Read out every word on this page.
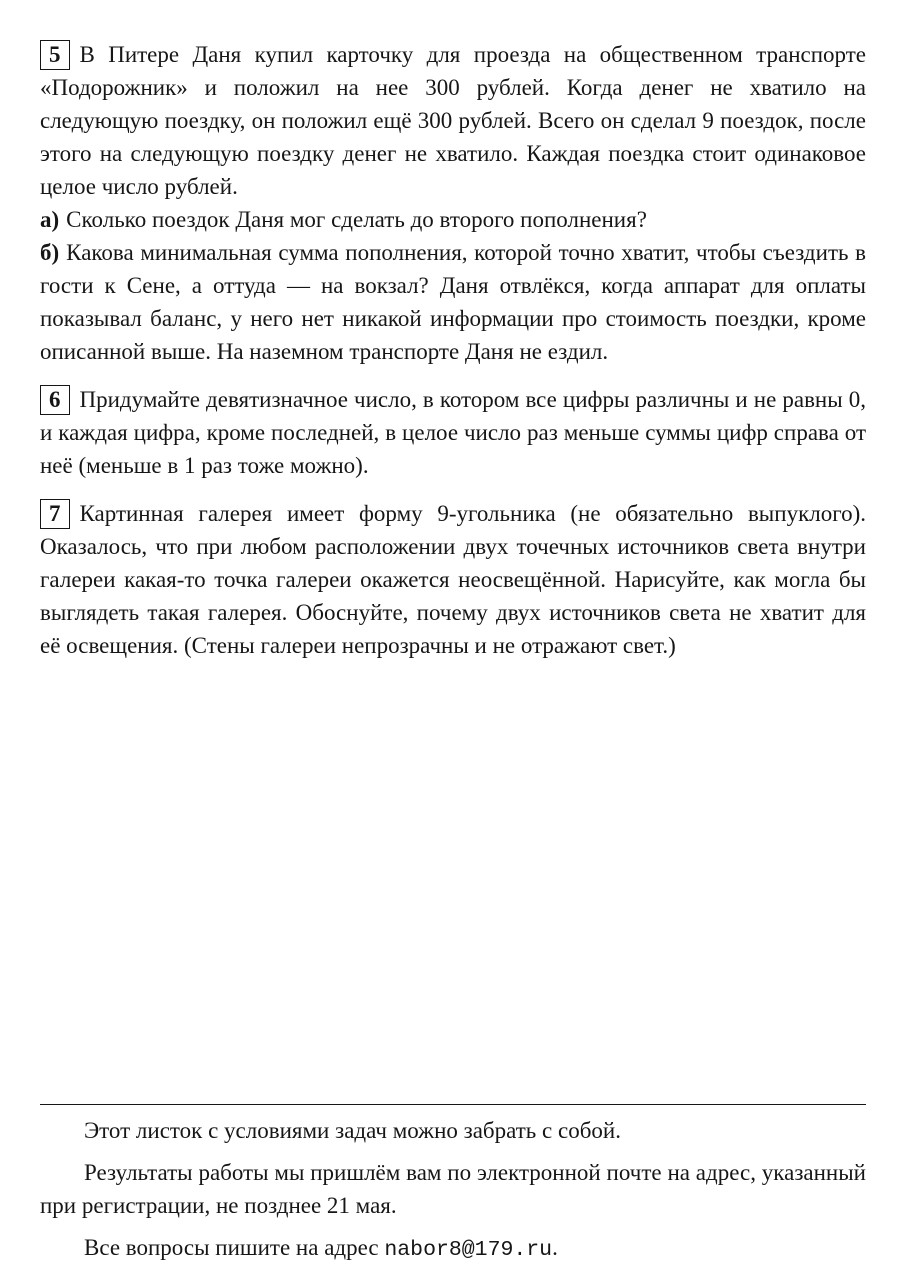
5 В Питере Даня купил карточку для проезда на общественном транспорте «Подорожник» и положил на нее 300 рублей. Когда денег не хватило на следующую поездку, он положил ещё 300 рублей. Всего он сделал 9 поездок, после этого на следующую поездку денег не хватило. Каждая поездка стоит одинаковое целое число рублей.

а) Сколько поездок Даня мог сделать до второго пополнения?

б) Какова минимальная сумма пополнения, которой точно хватит, чтобы съездить в гости к Сене, а оттуда — на вокзал? Даня отвлёкся, когда аппарат для оплаты показывал баланс, у него нет никакой информации про стоимость поездки, кроме описанной выше. На наземном транспорте Даня не ездил.

6 Придумайте девятизначное число, в котором все цифры различны и не равны 0, и каждая цифра, кроме последней, в целое число раз меньше суммы цифр справа от неё (меньше в 1 раз тоже можно).

7 Картинная галерея имеет форму 9-угольника (не обязательно выпуклого). Оказалось, что при любом расположении двух точечных источников света внутри галереи какая-то точка галереи окажется неосвещённой. Нарисуйте, как могла бы выглядеть такая галерея. Обоснуйте, почему двух источников света не хватит для её освещения. (Стены галереи непрозрачны и не отражают свет.)

Этот листок с условиями задач можно забрать с собой.

Результаты работы мы пришлём вам по электронной почте на адрес, указанный при регистрации, не позднее 21 мая.

Все вопросы пишите на адрес nabor8@179.ru.
